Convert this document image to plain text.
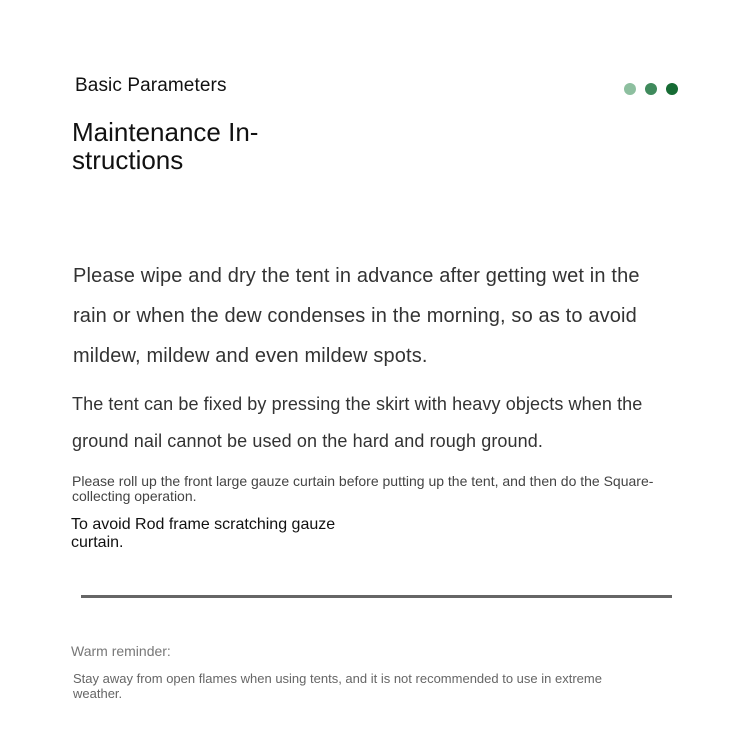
Basic Parameters
Maintenance In-
structions
Please wipe and dry the tent in advance after getting wet in the rain or when the dew condenses in the morning, so as to avoid mildew, mildew and even mildew spots.
The tent can be fixed by pressing the skirt with heavy objects when the ground nail cannot be used on the hard and rough ground.
Please roll up the front large gauze curtain before putting up the tent, and then do the Square-collecting operation.
To avoid Rod frame scratching gauze curtain.
Warm reminder:
Stay away from open flames when using tents, and it is not recommended to use in extreme weather.
